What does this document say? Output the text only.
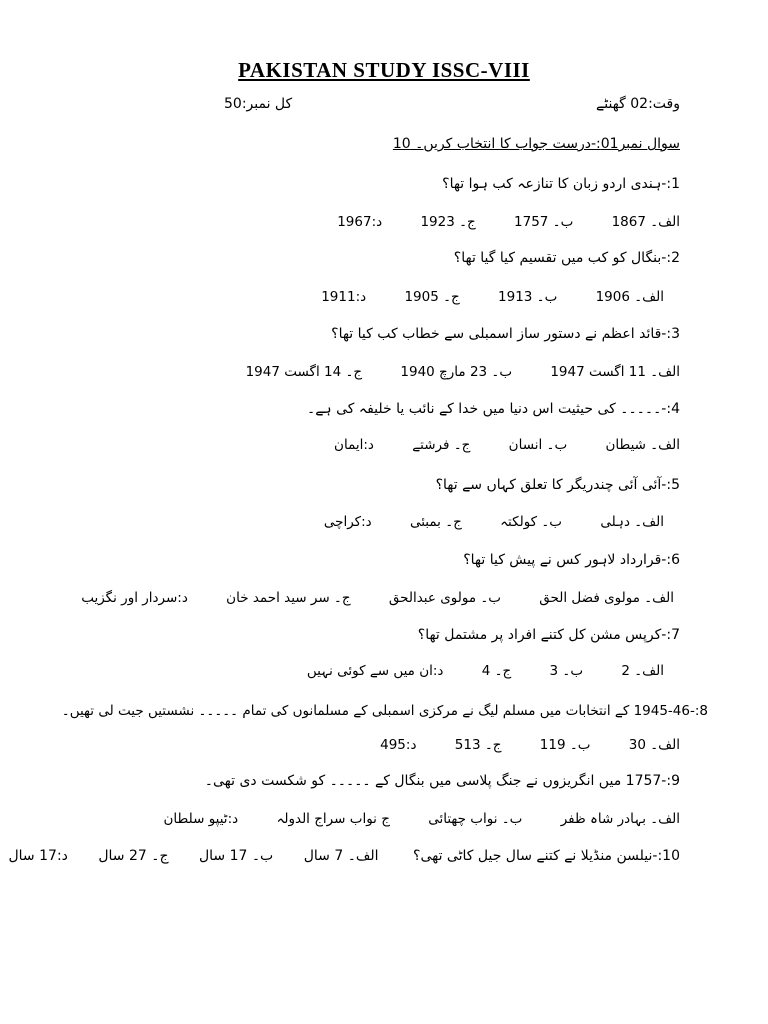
PAKISTAN STUDY ISSC-VIII
وقت:02 گھنٹے
کل نمبر:50
سوال نمبر01:-درست جواب کا انتخاب کریں۔ 10
1:-ہندی اردو زبان کا تنازعہ کب ہوا تھا؟
الف۔ 1867 ب۔ 1757 ج۔ 1923 د:1967
2:-بنگال کو کب میں تقسیم کیا گیا تھا؟
الف۔ 1906 ب۔ 1913 ج۔ 1905 د:1911
3:-قائد اعظم نے دستور ساز اسمبلی سے خطاب کب کیا تھا؟
الف۔ 11 اگست 1947 ب۔ 23 مارچ 1940 ج۔ 14 اگست 1947
4:-۔۔۔۔۔ کی حیثیت اس دنیا میں خدا کے نائب یا خلیفہ کی ہے۔
الف۔ شیطان ب۔ انسان ج۔ فرشتے د:ایمان
5:-آئی آئی چندریگر کا تعلق کہاں سے تھا؟
الف۔ دہلی ب۔ کولکتہ ج۔ بمبئی د:کراچی
6:-قرارداد لاہور کس نے پیش کیا تھا؟
الف۔ مولوی فضل الحق ب۔ مولوی عبدالحق ج۔ سر سید احمد خان د:سردار اور نگزیب
7:-کرپس مشن کل کتنے افراد پر مشتمل تھا؟
الف۔ 2 ب۔ 3 ج۔ 4 د:ان میں سے کوئی نہیں
8:-1945-46 کے انتخابات میں مسلم لیگ نے مرکزی اسمبلی کے مسلمانوں کی تمام ۔۔۔۔۔ نشستیں جیت لی تھیں۔
الف۔ 30 ب۔ 119 ج۔ 513 د:495
9:-1757 میں انگریزوں نے جنگ پلاسی میں بنگال کے ۔۔۔۔۔ کو شکست دی تھی۔
الف۔ بہادر شاہ ظفر ب۔ نواب چھتائی ج نواب سراج الدولہ د:ٹیپو سلطان
10:-نیلسن منڈیلا نے کتنے سال جیل کاٹی تھی؟ الف۔ 7 سال ب۔ 17 سال ج۔ 27 سال د:17 سال
